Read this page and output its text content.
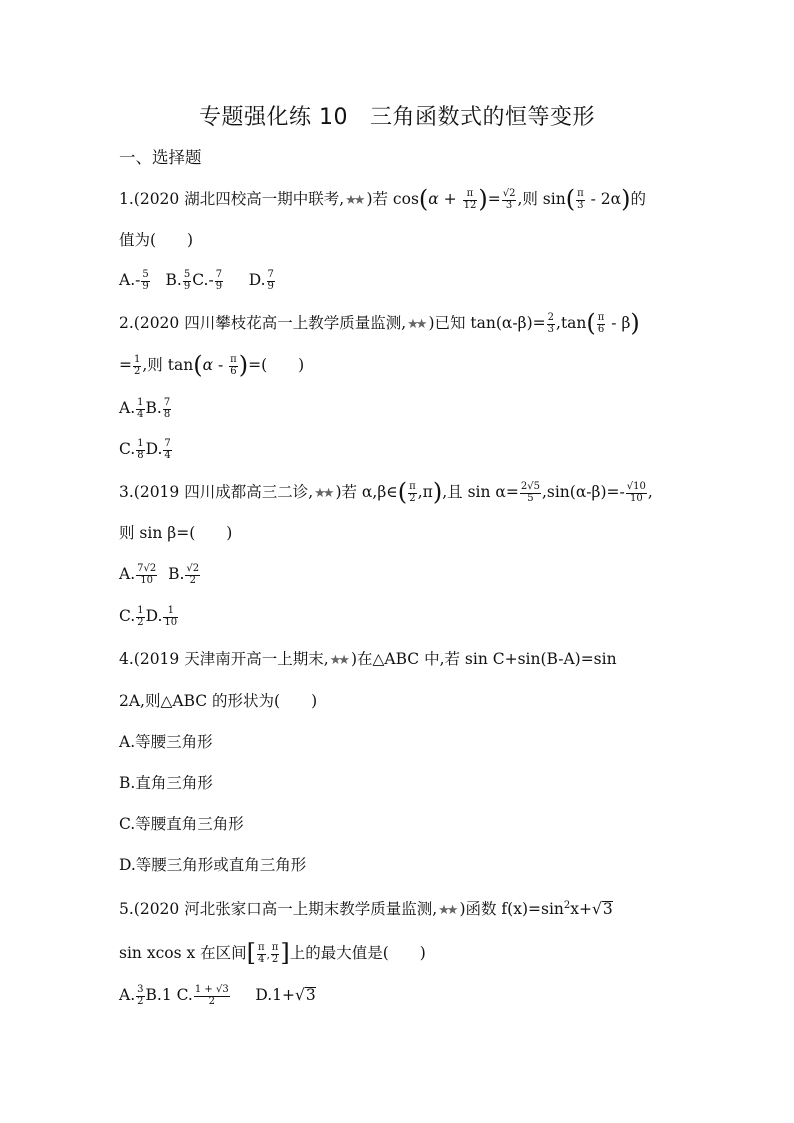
专题强化练 10 三角函数式的恒等变形
一、选择题
1.(2020 湖北四校高一期中联考,★★ )若 $\cos(\alpha + \frac{\pi}{12}$ )= $\frac{√2}{3}$ ,则 $\sin( \frac{\pi}{3} - 2\alpha)$的
值为(　　)
$A.- \frac{5}{9} B$. $\frac{5}{9} C.- \frac{7}{9} D$. $\frac{7}{9}$
2.(2020 四川攀枝花高一上教学质量监测,★★ )已知 $\tan(\alpha-\beta)= \frac{2}{3} ,\tan( \frac{\pi}{6} - \beta)$
= $\frac{1}{2}$ ,则 $\tan(\alpha - \frac{\pi}{6}$ )=(　　)
A. $\frac{1}{4} B$. $\frac{7}{8}$
C. $\frac{1}{8} D$. $\frac{7}{4}$
3.(2019 四川成都高三二诊,★★ )若 α,β∈( $\frac{\pi}{2} ,\pi$),且 $\sin \alpha= \frac{2√5}{5} ,\sin(\alpha-\beta)=- \frac{√10}{10}$ ,
则 sin β=(　　)
A. $\frac{7√2}{10} B$. $\frac{√2}{2}$
C. $\frac{1}{2} D$. $\frac{1}{10}$
4.(2019 天津南开高一上期末,★★ )在△ABC 中,若 sin C+sin(B-A)=sin
2A,则△ABC 的形状为(　　)
A.等腰三角形
B.直角三角形
C.等腰直角三角形
D.等腰三角形或直角三角形
5.(2020 河北张家口高一上期末教学质量监测,★★ )函数 $f(x)=\sin^2x+√3$
sin xcos x 在区间[ $\frac{\pi}{4}$ , $\frac{\pi}{2}$ ]上的最大值是(　　)
A. $\frac{3}{2} B.1$ C. $\frac{1 + √3}{2} D.1+√3$
